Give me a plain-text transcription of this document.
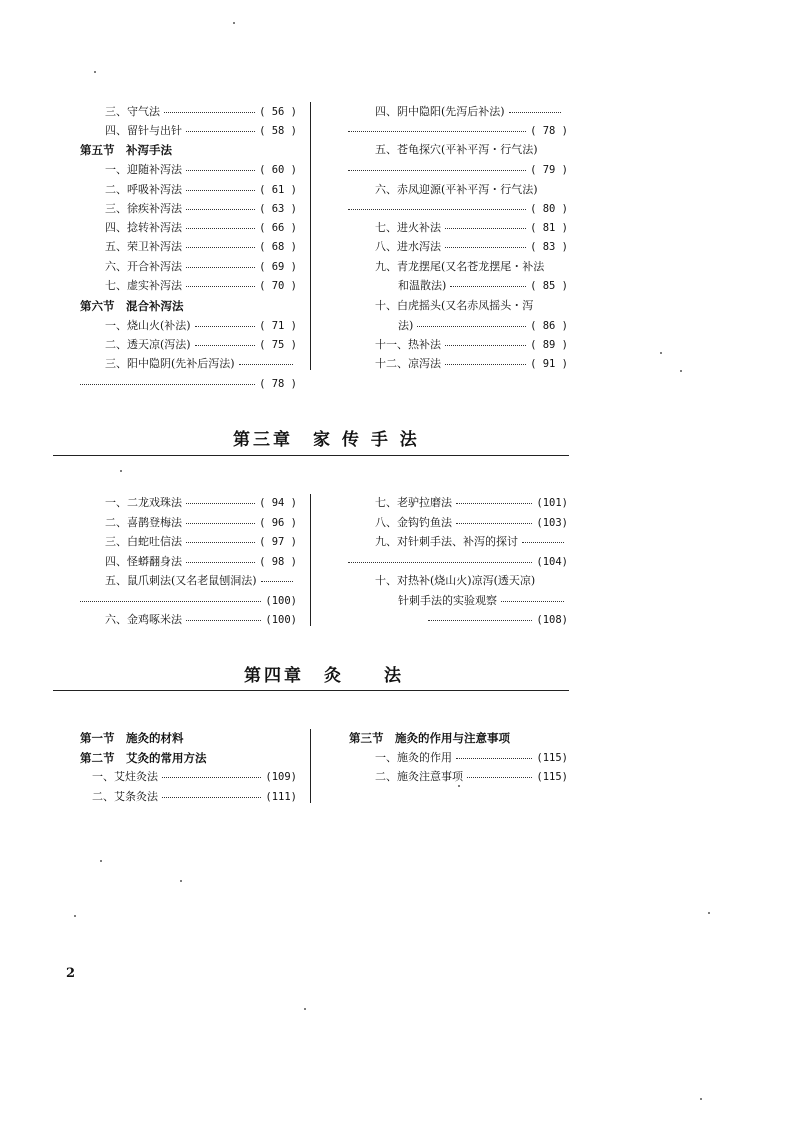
三、守气法	( 56 )
四、留针与出针	( 58 )
第五节　补泻手法
一、迎随补泻法	( 60 )
二、呼吸补泻法	( 61 )
三、徐疾补泻法	( 63 )
四、捻转补泻法	( 66 )
五、荣卫补泻法	( 68 )
六、开合补泻法	( 69 )
七、虚实补泻法	( 70 )
第六节　混合补泻法
一、烧山火(补法)	( 71 )
二、透天凉(泻法)	( 75 )
三、阳中隐阴(先补后泻法)
( 78 )
四、阴中隐阳(先泻后补法)
( 78 )
五、苍龟探穴(平补平泻・行气法)
( 79 )
六、赤凤迎源(平补平泻・行气法)
( 80 )
七、进火补法	( 81 )
八、进水泻法	( 83 )
九、青龙摆尾(又名苍龙摆尾・补法
和温散法)	( 85 )
十、白虎摇头(又名赤凤摇头・泻
法)	( 86 )
十一、热补法	( 89 )
十二、凉泻法	( 91 )
第三章　家 传 手 法
一、二龙戏珠法	( 94 )
二、喜鹊登梅法	( 96 )
三、白蛇吐信法	( 97 )
四、怪蟒翻身法	( 98 )
五、鼠爪刺法(又名老鼠刨洞法)
(100)
六、金鸡啄米法	(100)
七、老驴拉磨法	(101)
八、金钩钓鱼法	(103)
九、对针刺手法、补泻的探讨
(104)
十、对热补(烧山火)凉泻(透天凉)
针刺手法的实验观察
(108)
第四章　灸　　法
第一节　施灸的材料
第二节　艾灸的常用方法
一、艾炷灸法	(109)
二、艾条灸法	(111)
第三节　施灸的作用与注意事项
一、施灸的作用	(115)
二、施灸注意事项	(115)
2
